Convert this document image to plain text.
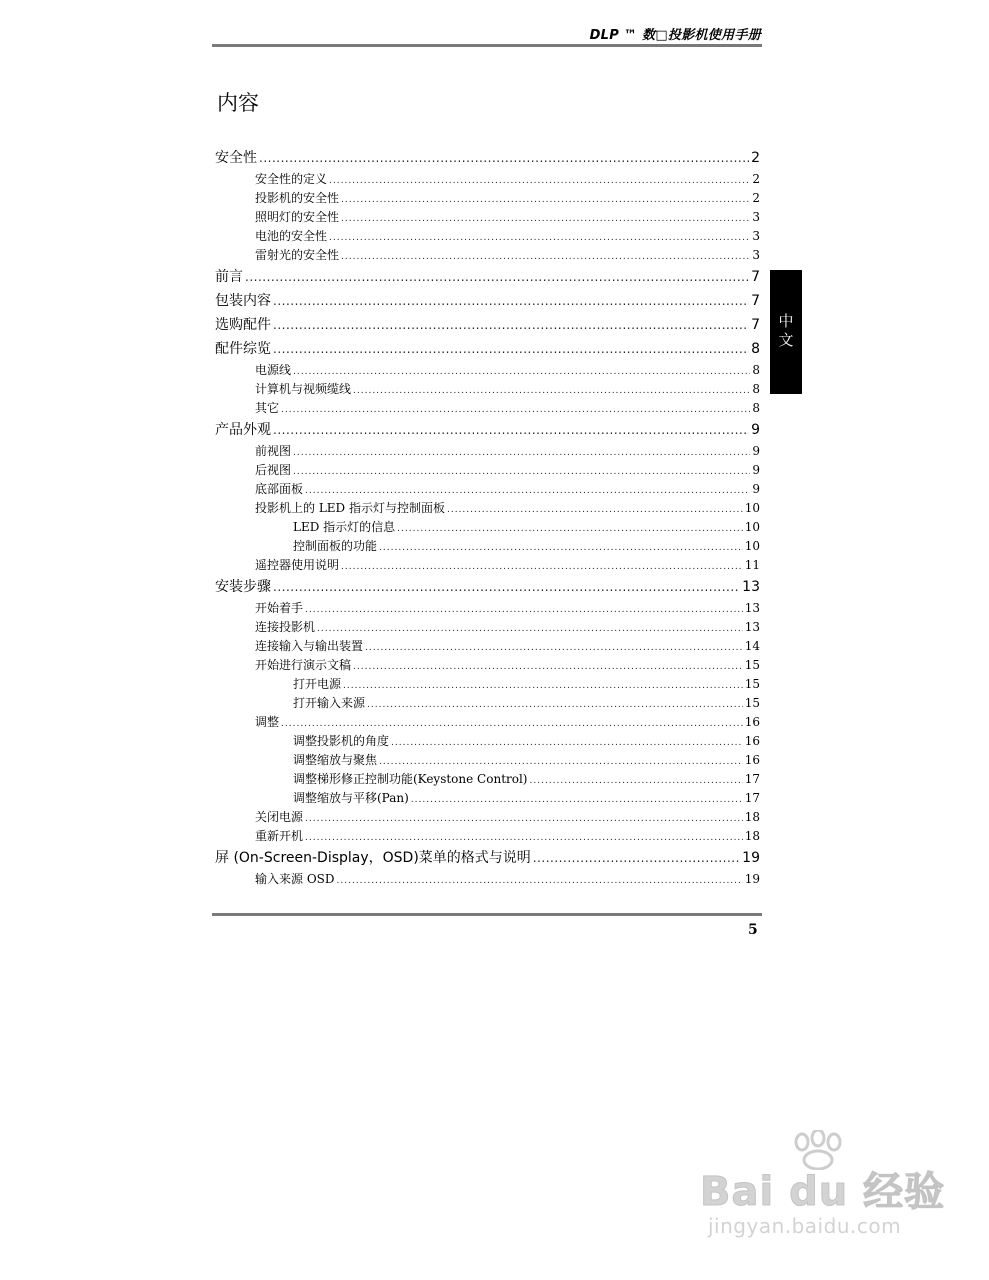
DLP ™ 数□投影机使用手册
内容
安全性 .....	2
安全性的定义 .....	2
投影机的安全性 .....	2
照明灯的安全性 .....	3
电池的安全性 .....	3
雷射光的安全性 .....	3
前言 .....	7
包装内容 .....	7
选购配件 .....	7
配件综览 .....	8
电源线 .....	8
计算机与视频缆线 .....	8
其它 .....	8
产品外观 .....	9
前视图 .....	9
后视图 .....	9
底部面板 .....	9
投影机上的 LED 指示灯与控制面板 .....	10
LED 指示灯的信息 .....	10
控制面板的功能 .....	10
遥控器使用说明 .....	11
安装步骤 .....	13
开始着手 .....	13
连接投影机 .....	13
连接输入与输出装置 .....	14
开始进行演示文稿 .....	15
打开电源 .....	15
打开输入来源 .....	15
调整 .....	16
调整投影机的角度 .....	16
调整缩放与聚焦 .....	16
调整梯形修正控制功能(Keystone Control) .....	17
调整缩放与平移(Pan) .....	17
关闭电源 .....	18
重新开机 .....	18
屏 (On-Screen-Display，OSD)菜单的格式与说明 .....	19
输入来源 OSD .....	19
中文
5
Bai du 经验
jingyan.baidu.com
